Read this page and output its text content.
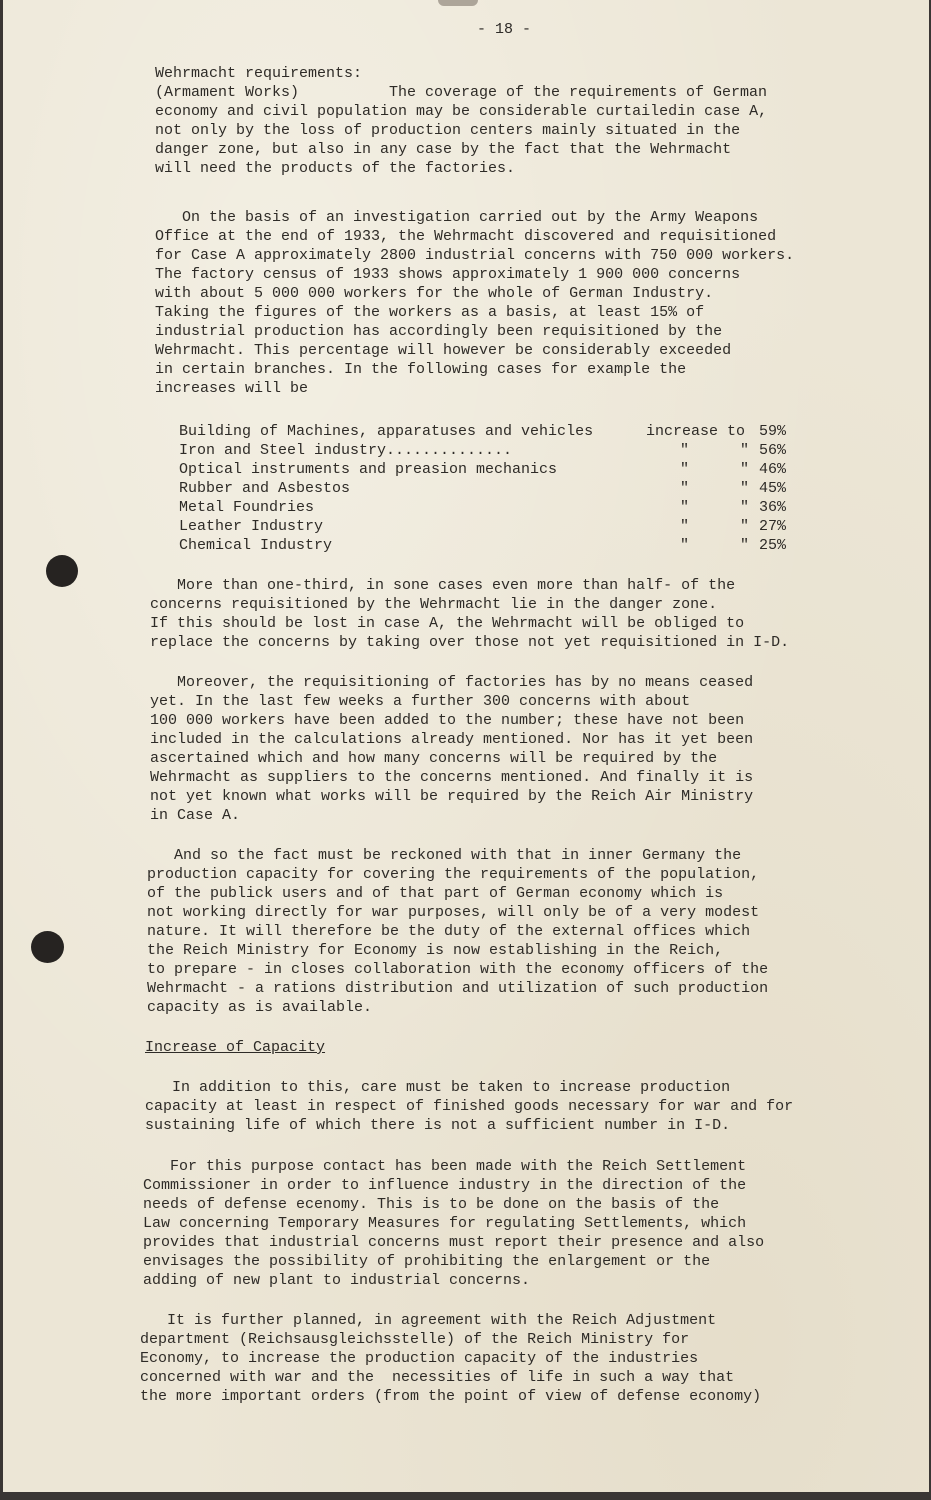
- 18 -
Wehrmacht requirements:
(Armament Works)	The coverage of the requirements of German
economy and civil population may be considerable curtailedin case A,
not only by the loss of production centers mainly situated in the
danger zone, but also in any case by the fact that the Wehrmacht
will need the products of the factories.
On the basis of an investigation carried out by the Army Weapons
Office at the end of 1933, the Wehrmacht discovered and requisitioned
for Case A approximately 2800 industrial concerns with 750 000 workers.
The factory census of 1933 shows approximately 1 900 000 concerns
with about 5 000 000 workers for the whole of German Industry.
Taking the figures of the workers as a basis, at least 15% of
industrial production has accordingly been requisitioned by the
Wehrmacht. This percentage will however be considerably exceeded
in certain branches. In the following cases for example the
increases will be
Building of Machines, apparatuses and vehicles	increase to 59%
Iron and Steel industry..............	"	" 56%
Optical instruments and preasion mechanics	"	" 46%
Rubber and Asbestos	"	" 45%
Metal Foundries	"	" 36%
Leather Industry	"	" 27%
Chemical Industry	"	" 25%
More than one-third, in sone cases even more than half- of the
concerns requisitioned by the Wehrmacht lie in the danger zone.
If this should be lost in case A, the Wehrmacht will be obliged to
replace the concerns by taking over those not yet requisitioned in I-D.
Moreover, the requisitioning of factories has by no means ceased
yet. In the last few weeks a further 300 concerns with about
100 000 workers have been added to the number; these have not been
included in the calculations already mentioned. Nor has it yet been
ascertained which and how many concerns will be required by the
Wehrmacht as suppliers to the concerns mentioned. And finally it is
not yet known what works will be required by the Reich Air Ministry
in Case A.
And so the fact must be reckoned with that in inner Germany the
production capacity for covering the requirements of the population,
of the publick users and of that part of German economy which is
not working directly for war purposes, will only be of a very modest
nature. It will therefore be the duty of the external offices which
the Reich Ministry for Economy is now establishing in the Reich,
to prepare - in closes collaboration with the economy officers of the
Wehrmacht - a rations distribution and utilization of such production
capacity as is available.
Increase of Capacity
In addition to this, care must be taken to increase production
capacity at least in respect of finished goods necessary for war and for
sustaining life of which there is not a sufficient number in I-D.
For this purpose contact has been made with the Reich Settlement
Commissioner in order to influence industry in the direction of the
needs of defense ecenomy. This is to be done on the basis of the
Law concerning Temporary Measures for regulating Settlements, which
provides that industrial concerns must report their presence and also
envisages the possibility of prohibiting the enlargement or the
adding of new plant to industrial concerns.
It is further planned, in agreement with the Reich Adjustment
department (Reichsausgleichsstelle) of the Reich Ministry for
Economy, to increase the production capacity of the industries
concerned with war and the  necessities of life in such a way that
the more important orders (from the point of view of defense economy)
